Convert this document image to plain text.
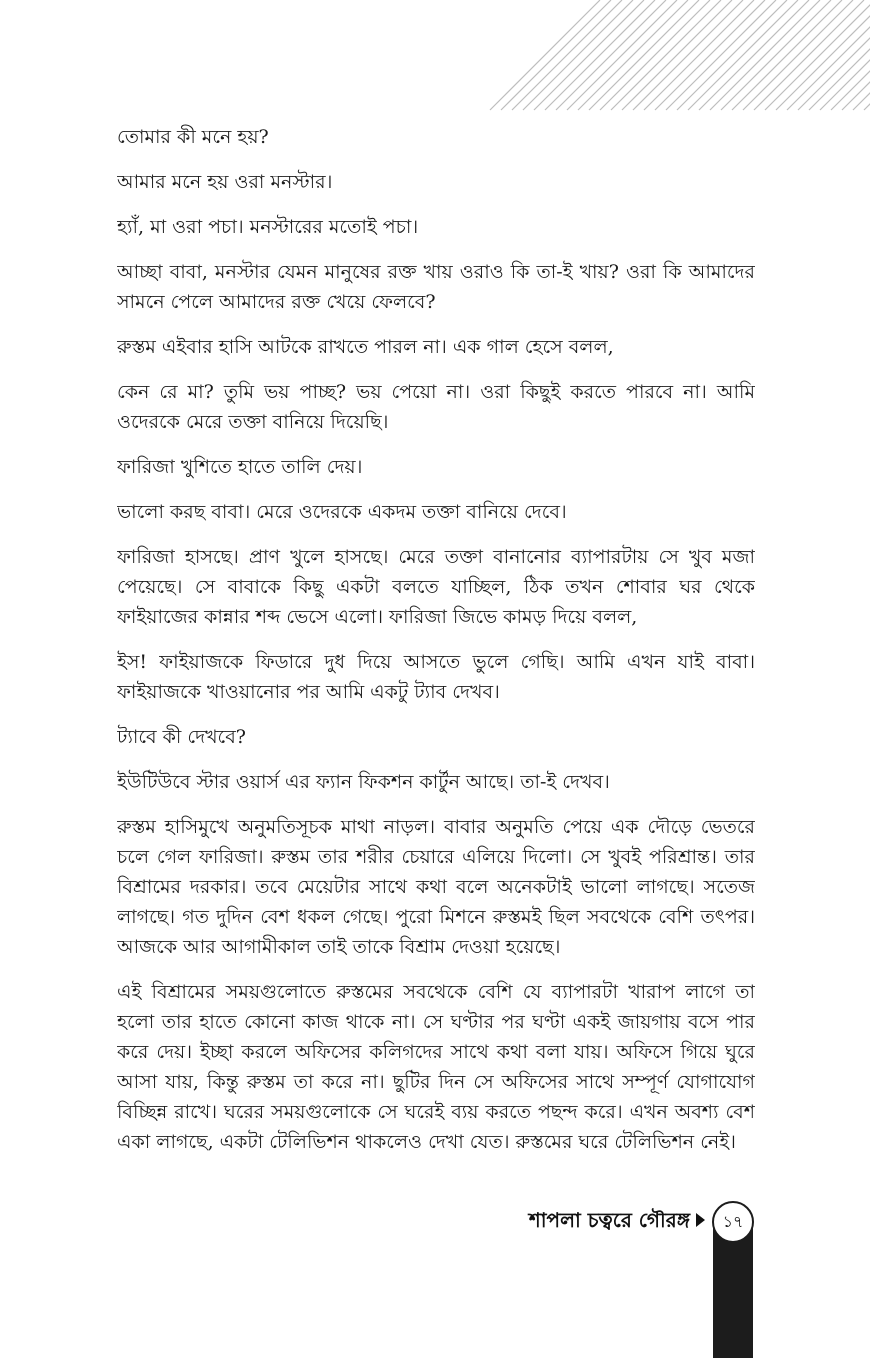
তোমার কী মনে হয়?

আমার মনে হয় ওরা মনস্টার।

হ্যাঁ, মা ওরা পচা। মনস্টারের মতোই পচা।

আচ্ছা বাবা, মনস্টার যেমন মানুষের রক্ত খায় ওরাও কি তা-ই খায়? ওরা কি আমাদের সামনে পেলে আমাদের রক্ত খেয়ে ফেলবে?

রুস্তম এইবার হাসি আটকে রাখতে পারল না। এক গাল হেসে বলল,

কেন রে মা? তুমি ভয় পাচ্ছ? ভয় পেয়ো না। ওরা কিছুই করতে পারবে না। আমি ওদেরকে মেরে তক্তা বানিয়ে দিয়েছি।

ফারিজা খুশিতে হাতে তালি দেয়।

ভালো করছ বাবা। মেরে ওদেরকে একদম তক্তা বানিয়ে দেবে।

ফারিজা হাসছে। প্রাণ খুলে হাসছে। মেরে তক্তা বানানোর ব্যাপারটায় সে খুব মজা পেয়েছে। সে বাবাকে কিছু একটা বলতে যাচ্ছিল, ঠিক তখন শোবার ঘর থেকে ফাইয়াজের কান্নার শব্দ ভেসে এলো। ফারিজা জিভে কামড় দিয়ে বলল,

ইস! ফাইয়াজকে ফিডারে দুধ দিয়ে আসতে ভুলে গেছি। আমি এখন যাই বাবা। ফাইয়াজকে খাওয়ানোর পর আমি একটু ট্যাব দেখব।

ট্যাবে কী দেখবে?

ইউটিউবে স্টার ওয়ার্স এর ফ্যান ফিকশন কার্টুন আছে। তা-ই দেখব।

রুস্তম হাসিমুখে অনুমতিসূচক মাথা নাড়ল। বাবার অনুমতি পেয়ে এক দৌড়ে ভেতরে চলে গেল ফারিজা। রুস্তম তার শরীর চেয়ারে এলিয়ে দিলো। সে খুবই পরিশ্রান্ত। তার বিশ্রামের দরকার। তবে মেয়েটার সাথে কথা বলে অনেকটাই ভালো লাগছে। সতেজ লাগছে। গত দুদিন বেশ ধকল গেছে। পুরো মিশনে রুস্তমই ছিল সবথেকে বেশি তৎপর। আজকে আর আগামীকাল তাই তাকে বিশ্রাম দেওয়া হয়েছে।

এই বিশ্রামের সময়গুলোতে রুস্তমের সবথেকে বেশি যে ব্যাপারটা খারাপ লাগে তা হলো তার হাতে কোনো কাজ থাকে না। সে ঘণ্টার পর ঘণ্টা একই জায়গায় বসে পার করে দেয়। ইচ্ছা করলে অফিসের কলিগদের সাথে কথা বলা যায়। অফিসে গিয়ে ঘুরে আসা যায়, কিন্তু রুস্তম তা করে না। ছুটির দিন সে অফিসের সাথে সম্পূর্ণ যোগাযোগ বিচ্ছিন্ন রাখে। ঘরের সময়গুলোকে সে ঘরেই ব্যয় করতে পছন্দ করে। এখন অবশ্য বেশ একা লাগছে, একটা টেলিভিশন থাকলেও দেখা যেত। রুস্তমের ঘরে টেলিভিশন নেই।

শাপলা চত্বরে গৌরঙ্গ	১৭
